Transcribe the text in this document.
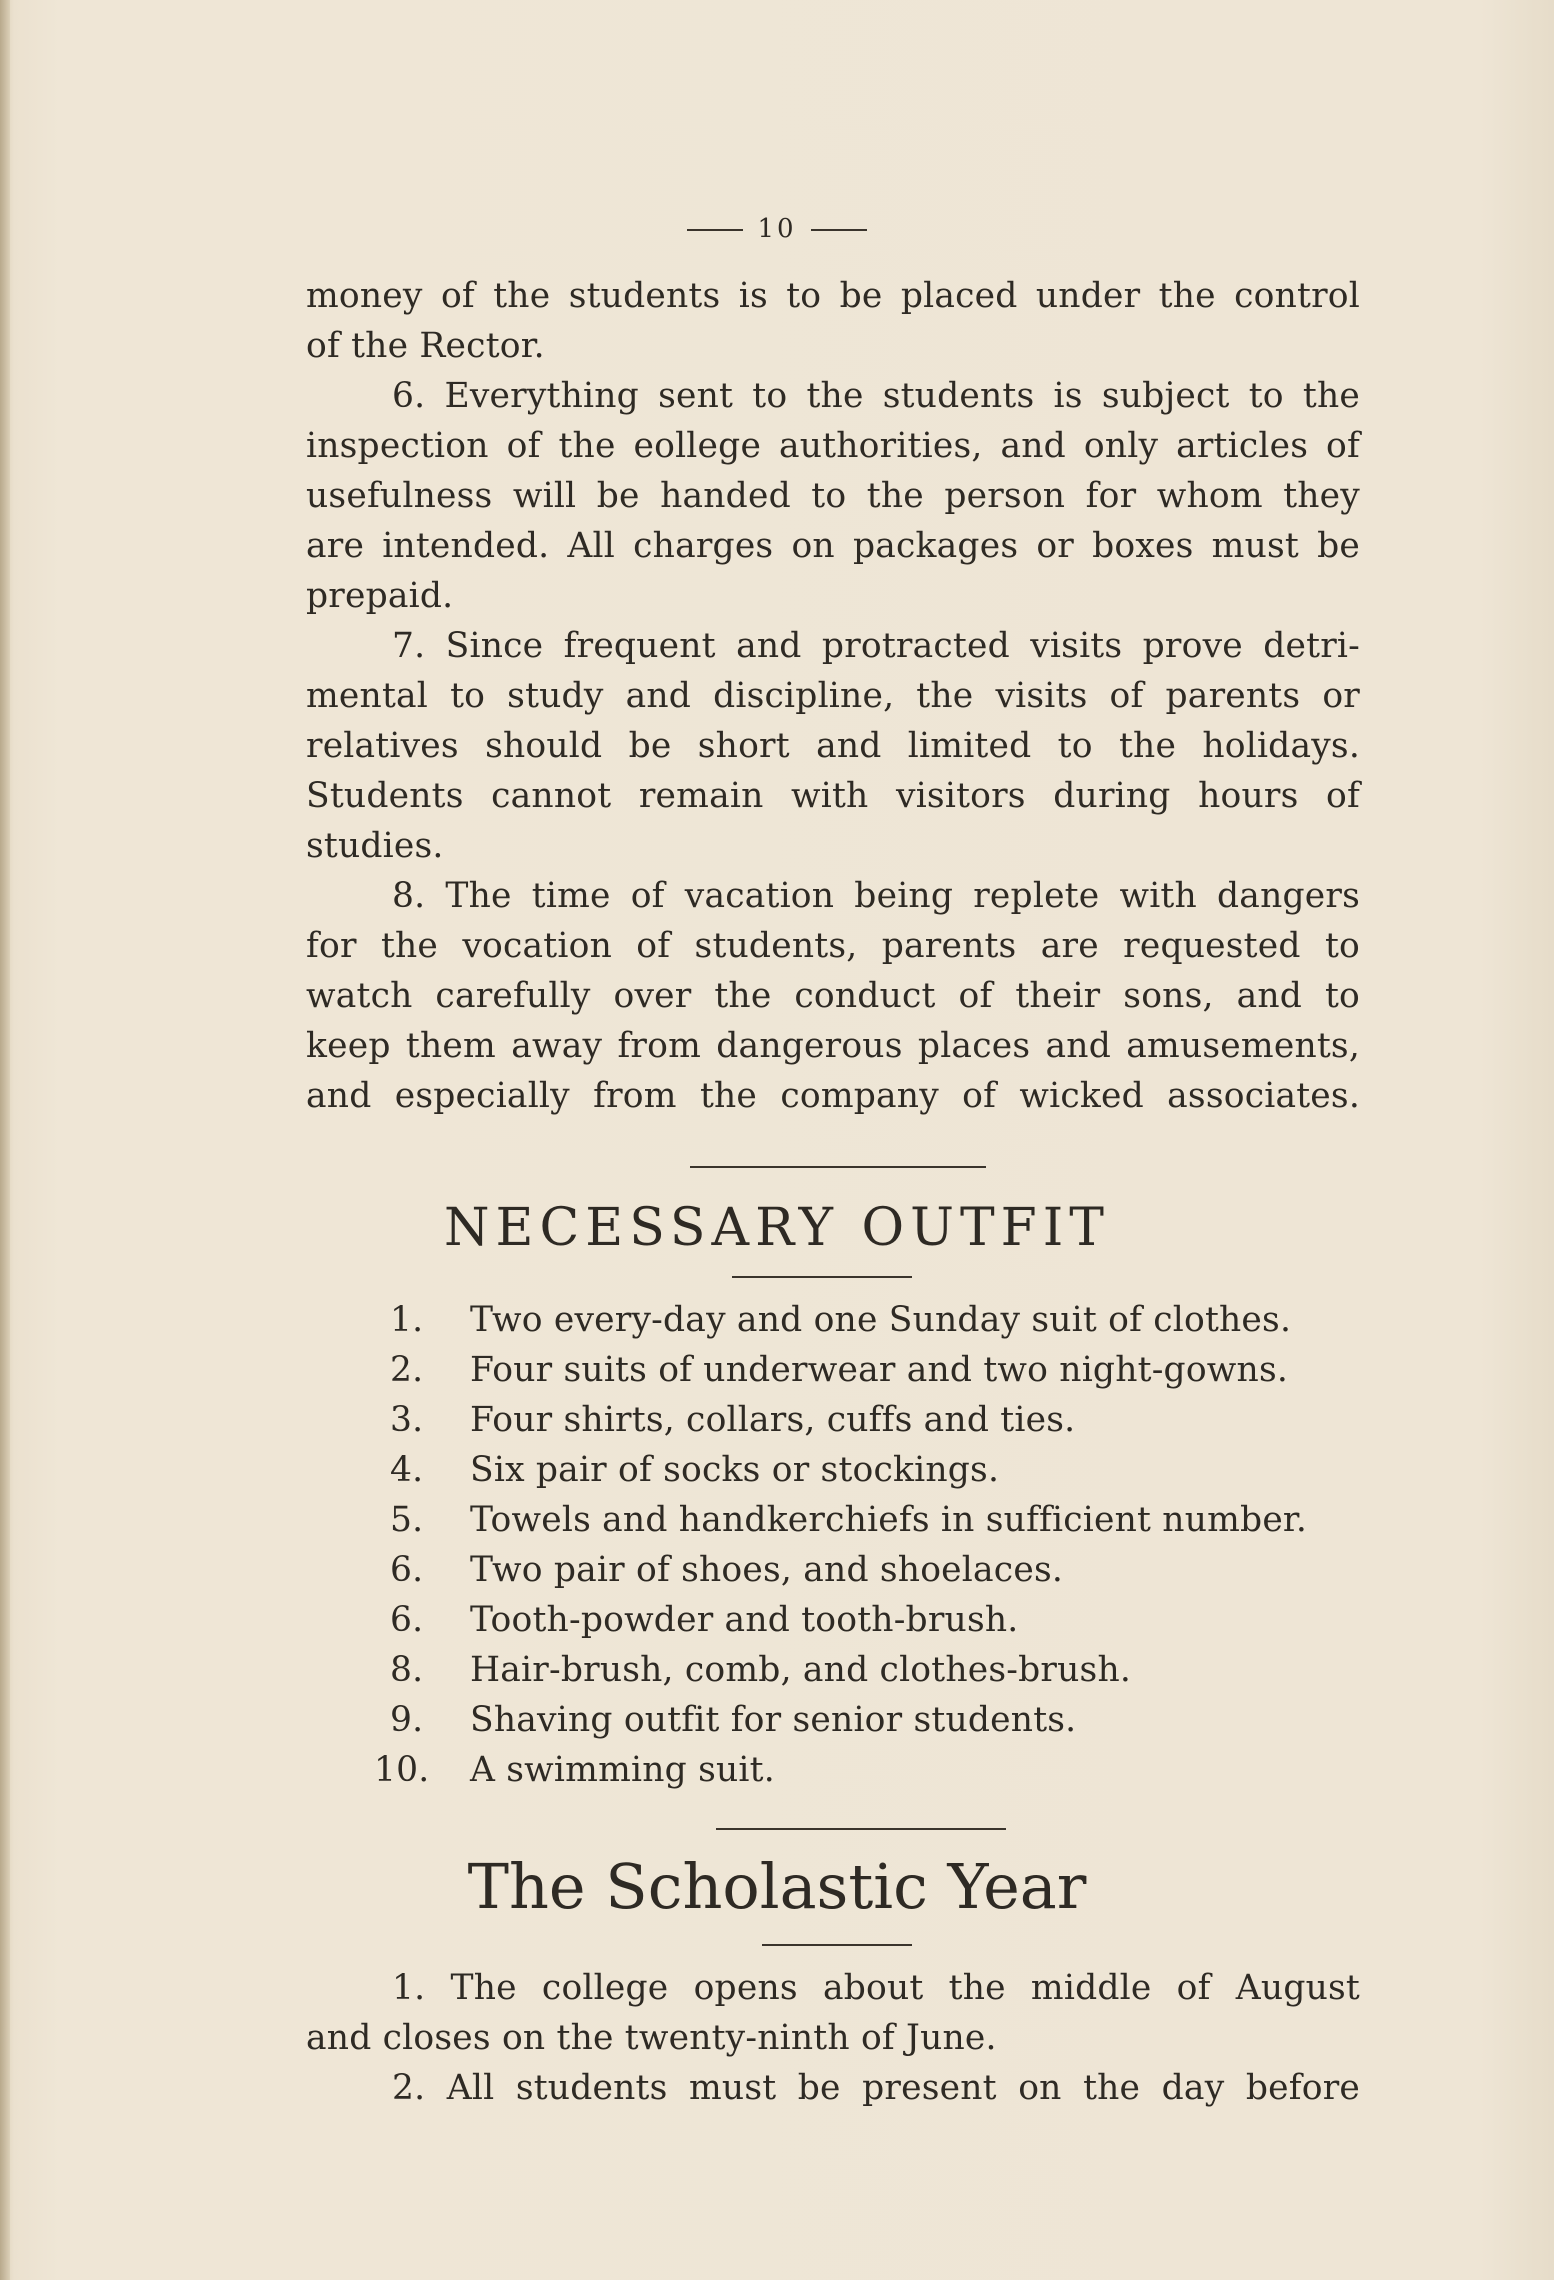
10
money of the students is to be placed under the control
of the Rector.
6. Everything sent to the students is subject to the
inspection of the eollege authorities, and only articles of
usefulness will be handed to the person for whom they
are intended. All charges on packages or boxes must be
prepaid.
7. Since frequent and protracted visits prove detri-
mental to study and discipline, the visits of parents or
relatives should be short and limited to the holidays.
Students cannot remain with visitors during hours of
studies.
8. The time of vacation being replete with dangers
for the vocation of students, parents are requested to
watch carefully over the conduct of their sons, and to
keep them away from dangerous places and amusements,
and especially from the company of wicked associates.
NECESSARY OUTFIT
1.	Two every-day and one Sunday suit of clothes.
2.	Four suits of underwear and two night-gowns.
3.	Four shirts, collars, cuffs and ties.
4.	Six pair of socks or stockings.
5.	Towels and handkerchiefs in sufficient number.
6.	Two pair of shoes, and shoelaces.
6.	Tooth-powder and tooth-brush.
8.	Hair-brush, comb, and clothes-brush.
9.	Shaving outfit for senior students.
10. A swimming suit.
The Scholastic Year
1. The college opens about the middle of August
and closes on the twenty-ninth of June.
2. All students must be present on the day before
